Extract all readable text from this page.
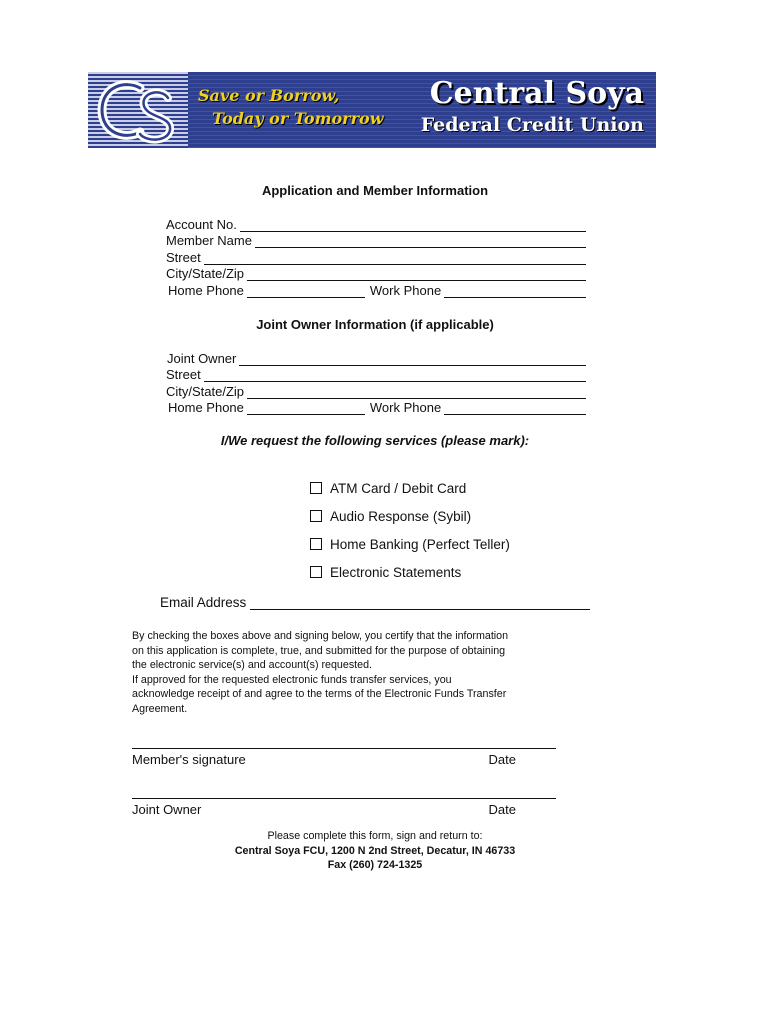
Save or Borrow,
Today or Tomorrow
Central Soya
Federal Credit Union
Application and Member Information
Account No.
Member Name
Street
City/State/Zip
Home Phone	Work Phone
Joint Owner Information (if applicable)
Joint Owner
Street
City/State/Zip
Home Phone	Work Phone
I/We request the following services (please mark):
ATM Card / Debit Card
Audio Response (Sybil)
Home Banking (Perfect Teller)
Electronic Statements
Email Address

By checking the boxes above and signing below, you certify that the information

on this application is complete, true, and submitted for the purpose of obtaining

the electronic service(s) and account(s) requested.

If approved for the requested electronic funds transfer services, you

acknowledge receipt of and agree to the terms of the Electronic Funds Transfer

Agreement.

Member's signature	Date
Joint Owner	Date
Please complete this form, sign and return to:
Central Soya FCU, 1200 N 2nd Street, Decatur, IN 46733
Fax (260) 724-1325
